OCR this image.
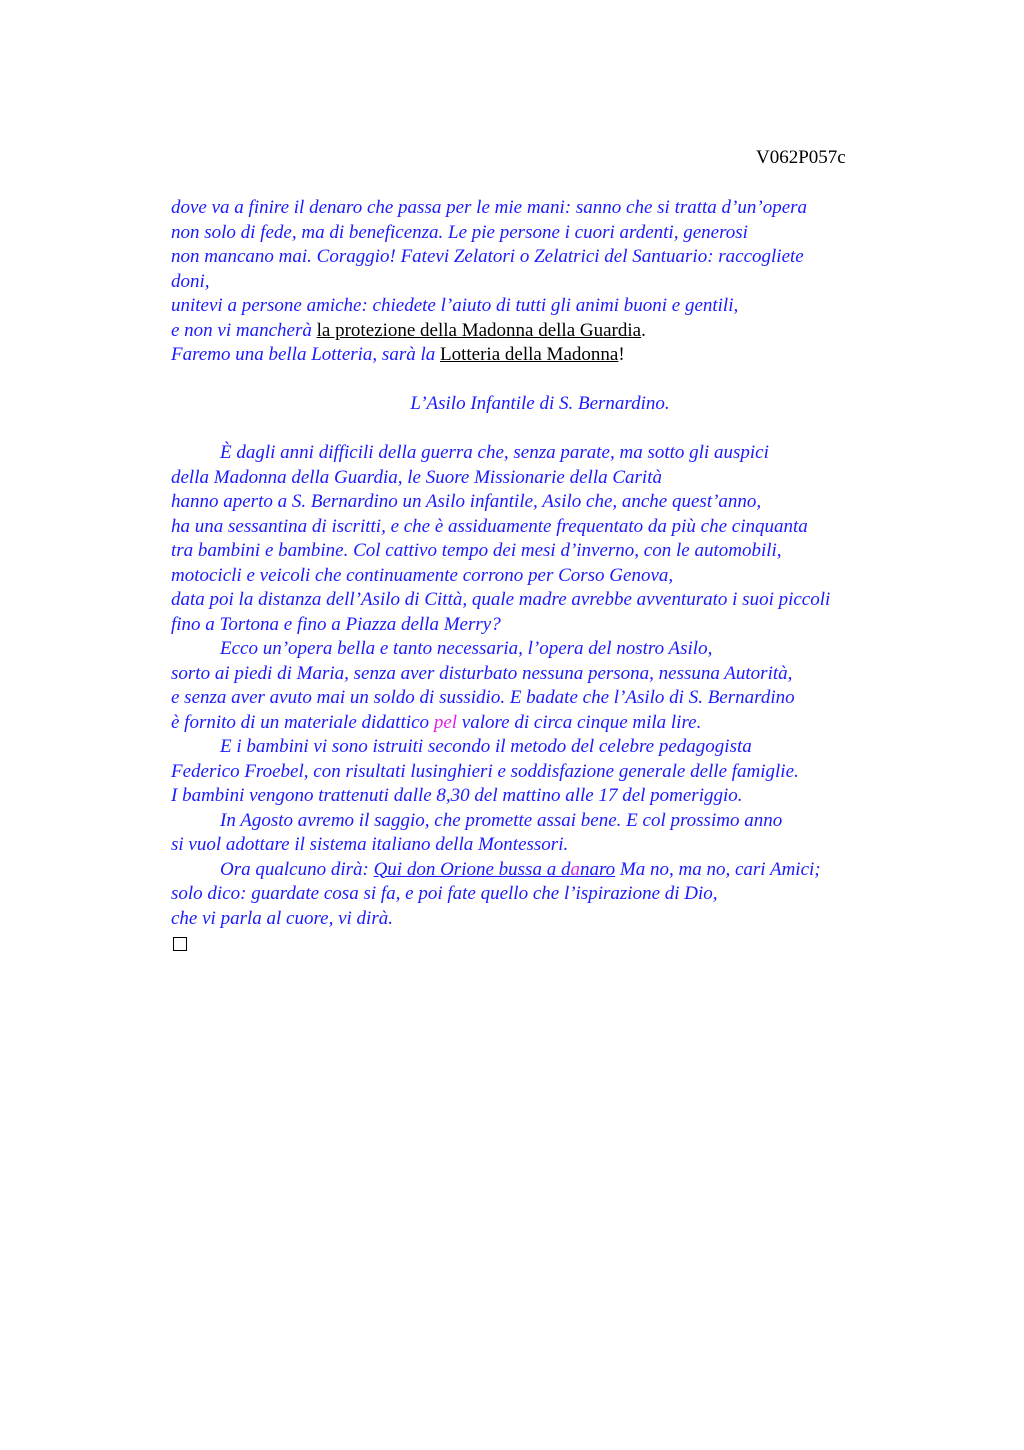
V062P057c
dove va a finire il denaro che passa per le mie mani: sanno che si tratta d’un’opera
non solo di fede, ma di beneficenza. Le pie persone i cuori ardenti, generosi
non mancano mai. Coraggio! Fatevi Zelatori o Zelatrici del Santuario: raccogliete
doni,
unitevi a persone amiche: chiedete l’aiuto di tutti gli animi buoni e gentili,
e non vi mancherà la protezione della Madonna della Guardia.
Faremo una bella Lotteria, sarà la Lotteria della Madonna!
L’Asilo Infantile di S. Bernardino.
È dagli anni difficili della guerra che, senza parate, ma sotto gli auspici
della Madonna della Guardia, le Suore Missionarie della Carità
hanno aperto a S. Bernardino un Asilo infantile, Asilo che, anche quest’anno,
ha una sessantina di iscritti, e che è assiduamente frequentato da più che cinquanta
tra bambini e bambine. Col cattivo tempo dei mesi d’inverno, con le automobili,
motocicli e veicoli che continuamente corrono per Corso Genova,
data poi la distanza dell’Asilo di Città, quale madre avrebbe avventurato i suoi piccoli
fino a Tortona e fino a Piazza della Merry?
Ecco un’opera bella e tanto necessaria, l’opera del nostro Asilo,
sorto ai piedi di Maria, senza aver disturbato nessuna persona, nessuna Autorità,
e senza aver avuto mai un soldo di sussidio. E badate che l’Asilo di S. Bernardino
è fornito di un materiale didattico pel valore di circa cinque mila lire.
E i bambini vi sono istruiti secondo il metodo del celebre pedagogista
Federico Froebel, con risultati lusinghieri e soddisfazione generale delle famiglie.
I bambini vengono trattenuti dalle 8,30 del mattino alle 17 del pomeriggio.
In Agosto avremo il saggio, che promette assai bene. E col prossimo anno
si vuol adottare il sistema italiano della Montessori.
Ora qualcuno dirà: Qui don Orione bussa a danaro Ma no, ma no, cari Amici;
solo dico: guardate cosa si fa, e poi fate quello che l’ispirazione di Dio,
che vi parla al cuore, vi dirà.
